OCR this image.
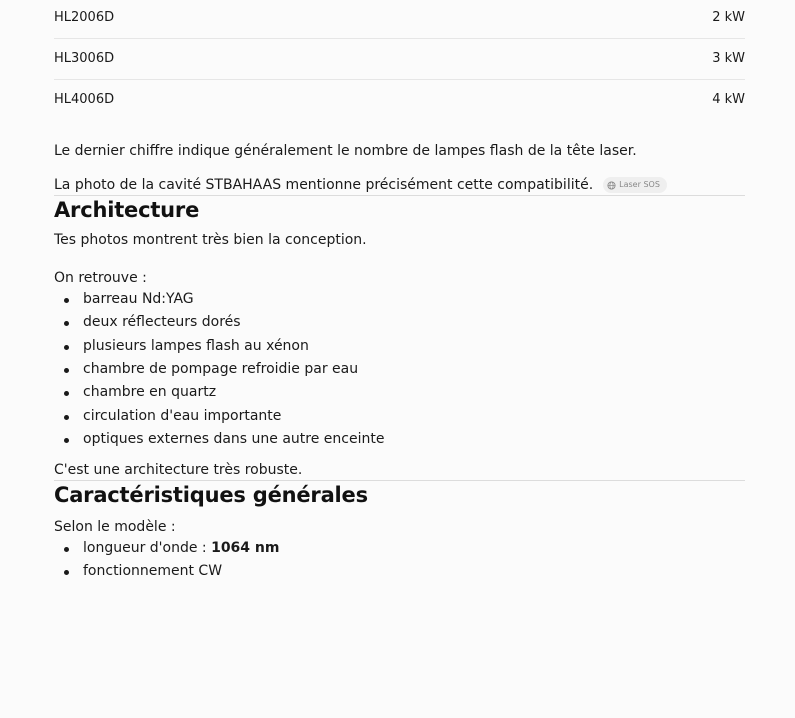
HL2006D	2 kW
HL3006D	3 kW
HL4006D	4 kW

Le dernier chiffre indique généralement le nombre de lampes flash de la tête laser.

La photo de la cavité STBAHAAS mentionne précisément cette compatibilité.	Laser SOS

Architecture

Tes photos montrent très bien la conception.

On retrouve :

barreau Nd:YAG
deux réflecteurs dorés
plusieurs lampes flash au xénon
chambre de pompage refroidie par eau
chambre en quartz
circulation d'eau importante
optiques externes dans une autre enceinte

C'est une architecture très robuste.

Caractéristiques générales

Selon le modèle :

longueur d'onde : 1064 nm
fonctionnement CW
